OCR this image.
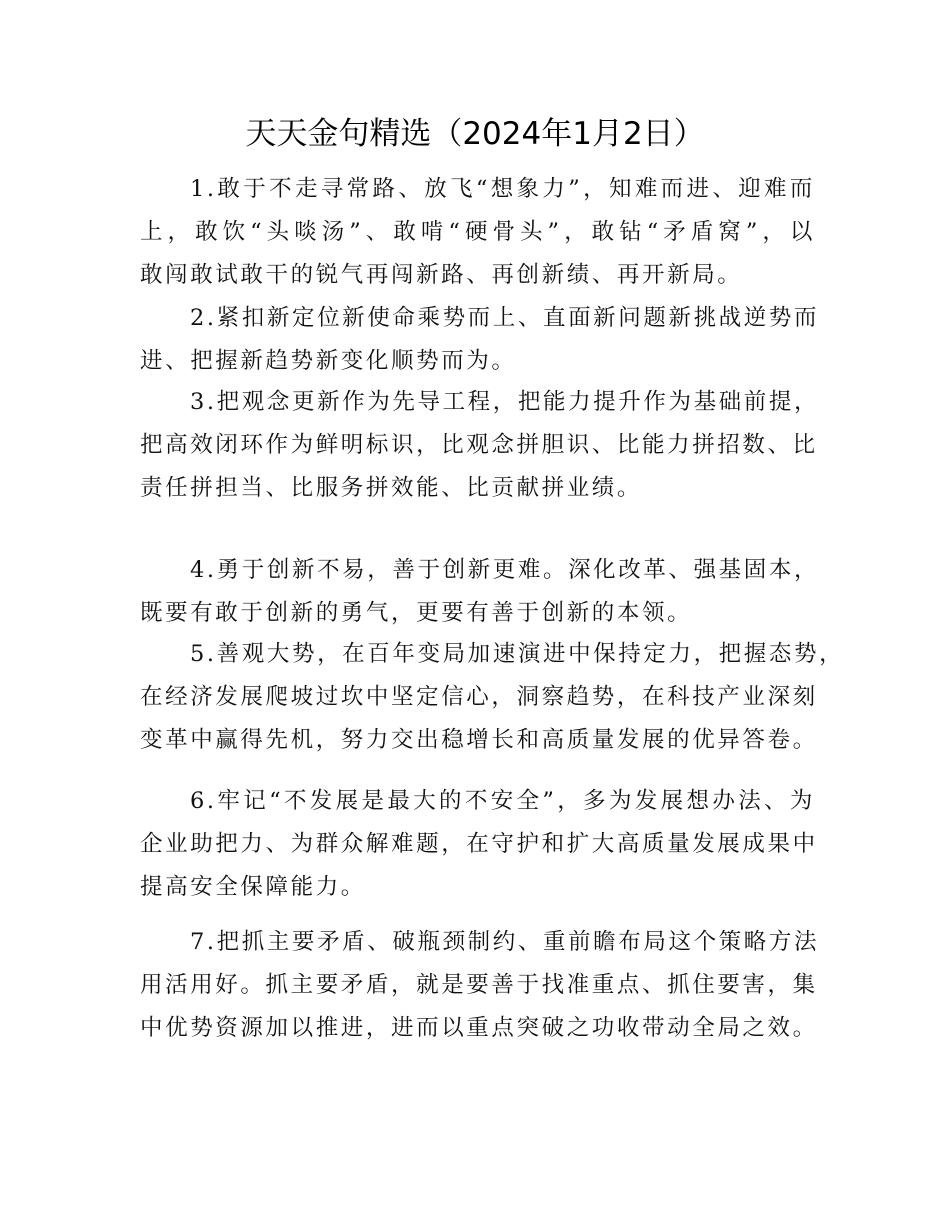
天天金句精选（2024年1月2日）
1.敢于不走寻常路、放飞“想象力”，知难而进、迎难而
上，敢饮“头啖汤”、敢啃“硬骨头”，敢钻“矛盾窝”，以
敢闯敢试敢干的锐气再闯新路、再创新绩、再开新局。
2.紧扣新定位新使命乘势而上、直面新问题新挑战逆势而
进、把握新趋势新变化顺势而为。
3.把观念更新作为先导工程，把能力提升作为基础前提，
把高效闭环作为鲜明标识，比观念拼胆识、比能力拼招数、比
责任拼担当、比服务拼效能、比贡献拼业绩。
4.勇于创新不易，善于创新更难。深化改革、强基固本，
既要有敢于创新的勇气，更要有善于创新的本领。
5.善观大势，在百年变局加速演进中保持定力，把握态势，
在经济发展爬坡过坎中坚定信心，洞察趋势，在科技产业深刻
变革中赢得先机，努力交出稳增长和高质量发展的优异答卷。
6.牢记“不发展是最大的不安全”，多为发展想办法、为
企业助把力、为群众解难题，在守护和扩大高质量发展成果中
提高安全保障能力。
7.把抓主要矛盾、破瓶颈制约、重前瞻布局这个策略方法
用活用好。抓主要矛盾，就是要善于找准重点、抓住要害，集
中优势资源加以推进，进而以重点突破之功收带动全局之效。
